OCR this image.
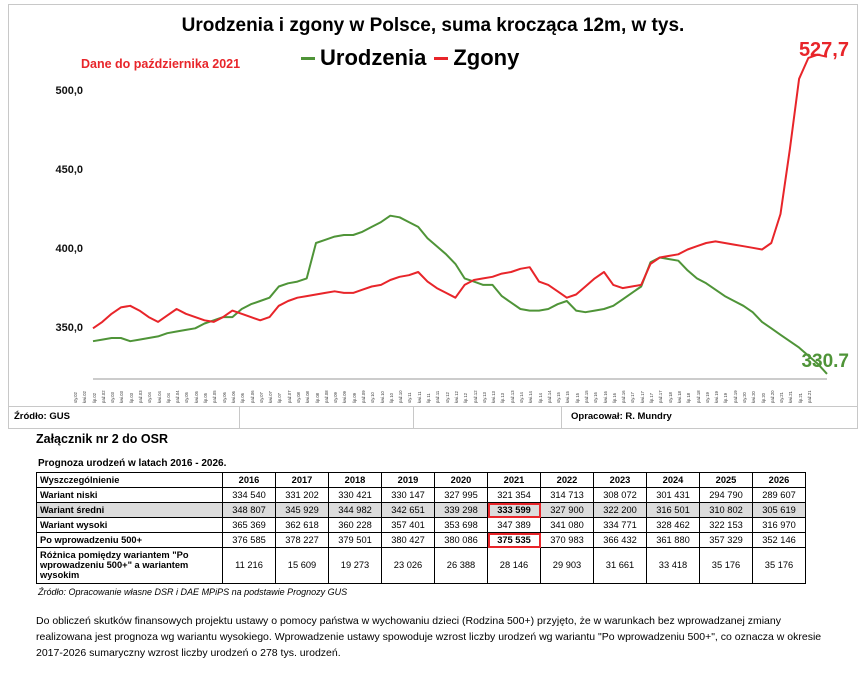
Urodzenia i zgony w Polsce, suma krocząca 12m, w tys.
Dane do października 2021	Urodzenia Zgony
500,0
450,0
400,0
350,0
527,7
330.7
sty.02 kwi.02 lip.02 paź.02 sty.03 kwi.03 lip.03 paź.03 sty.04 kwi.04 lip.04 paź.04 sty.05 kwi.05 lip.05 paź.05 sty.06 kwi.06 lip.06 paź.06 sty.07 kwi.07 lip.07 paź.07 sty.08 kwi.08 lip.08 paź.08 sty.09 kwi.09 lip.09 paź.09 sty.10 kwi.10 lip.10 paź.10 sty.11 kwi.11 lip.11 paź.11 sty.12 kwi.12 lip.12 paź.12 sty.13 kwi.13 lip.13 paź.13 sty.14 kwi.14 lip.14 paź.14 sty.15 kwi.15 lip.15 paź.15 sty.16 kwi.16 lip.16 paź.16 sty.17 kwi.17 lip.17 paź.17 sty.18 kwi.18 lip.18 paź.18 sty.19 kwi.19 lip.19 paź.19 sty.20 kwi.20 lip.20 paź.20 sty.21 kwi.21 lip.21 paź.21
Źródło: GUS	Opracował: R. Mundry
Załącznik nr 2 do OSR
Prognoza urodzeń w latach 2016 - 2026.
Wyszczególnienie	2016	2017	2018	2019	2020	2021	2022	2023	2024	2025	2026
Wariant niski	334 540	331 202	330 421	330 147	327 995	321 354	314 713	308 072	301 431	294 790	289 607
Wariant średni	348 807	345 929	344 982	342 651	339 298	333 599	327 900	322 200	316 501	310 802	305 619
Wariant wysoki	365 369	362 618	360 228	357 401	353 698	347 389	341 080	334 771	328 462	322 153	316 970
Po wprowadzeniu 500+	376 585	378 227	379 501	380 427	380 086	375 535	370 983	366 432	361 880	357 329	352 146
Różnica pomiędzy wariantem "Po wprowadzeniu 500+" a wariantem wysokim	11 216	15 609	19 273	23 026	26 388	28 146	29 903	31 661	33 418	35 176	35 176
Źródło: Opracowanie własne DSR i DAE MPiPS na podstawie Prognozy GUS
Do obliczeń skutków finansowych projektu ustawy o pomocy państwa w wychowaniu dzieci (Rodzina 500+) przyjęto, że w warunkach bez wprowadzanej zmiany realizowana jest prognoza wg wariantu wysokiego. Wprowadzenie ustawy spowoduje wzrost liczby urodzeń wg wariantu "Po wprowadzeniu 500+", co oznacza w okresie 2017-2026 sumaryczny wzrost liczby urodzeń o 278 tys. urodzeń.
